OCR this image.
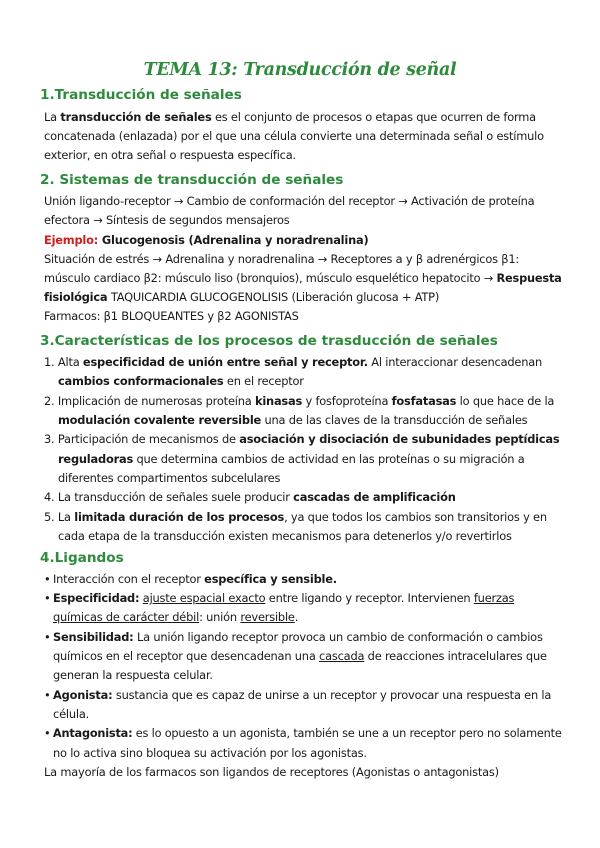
TEMA 13: Transducción de señal
1.Transducción de señales
La transducción de señales es el conjunto de procesos o etapas que ocurren de forma
concatenada (enlazada) por el que una célula convierte una determinada señal o estímulo
exterior, en otra señal o respuesta específica.
2. Sistemas de transducción de señales
Unión ligando-receptor → Cambio de conformación del receptor → Activación de proteína
efectora → Síntesis de segundos mensajeros
Ejemplo: Glucogenosis (Adrenalina y noradrenalina)
Situación de estrés → Adrenalina y noradrenalina → Receptores a y β adrenérgicos β1:
músculo cardiaco β2: músculo liso (bronquios), músculo esquelético hepatocito → Respuesta
fisiológica TAQUICARDIA GLUCOGENOLISIS (Liberación glucosa + ATP)
Farmacos: β1 BLOQUEANTES y β2 AGONISTAS
3.Características de los procesos de trasducción de señales
1. Alta especificidad de unión entre señal y receptor. Al interaccionar desencadenan
cambios conformacionales en el receptor
2. Implicación de numerosas proteína kinasas y fosfoproteína fosfatasas lo que hace de la
modulación covalente reversible una de las claves de la transducción de señales
3. Participación de mecanismos de asociación y disociación de subunidades peptídicas
reguladoras que determina cambios de actividad en las proteínas o su migración a
diferentes compartimentos subcelulares
4. La transducción de señales suele producir cascadas de amplificación
5. La limitada duración de los procesos, ya que todos los cambios son transitorios y en
cada etapa de la transducción existen mecanismos para detenerlos y/o revertirlos
4.Ligandos
• Interacción con el receptor específica y sensible.
• Especificidad: ajuste espacial exacto entre ligando y receptor. Intervienen fuerzas
químicas de carácter débil: unión reversible.
• Sensibilidad: La unión ligando receptor provoca un cambio de conformación o cambios
químicos en el receptor que desencadenan una cascada de reacciones intracelulares que
generan la respuesta celular.
• Agonista: sustancia que es capaz de unirse a un receptor y provocar una respuesta en la
célula.
• Antagonista: es lo opuesto a un agonista, también se une a un receptor pero no solamente
no lo activa sino bloquea su activación por los agonistas.
La mayoría de los farmacos son ligandos de receptores (Agonistas o antagonistas)
